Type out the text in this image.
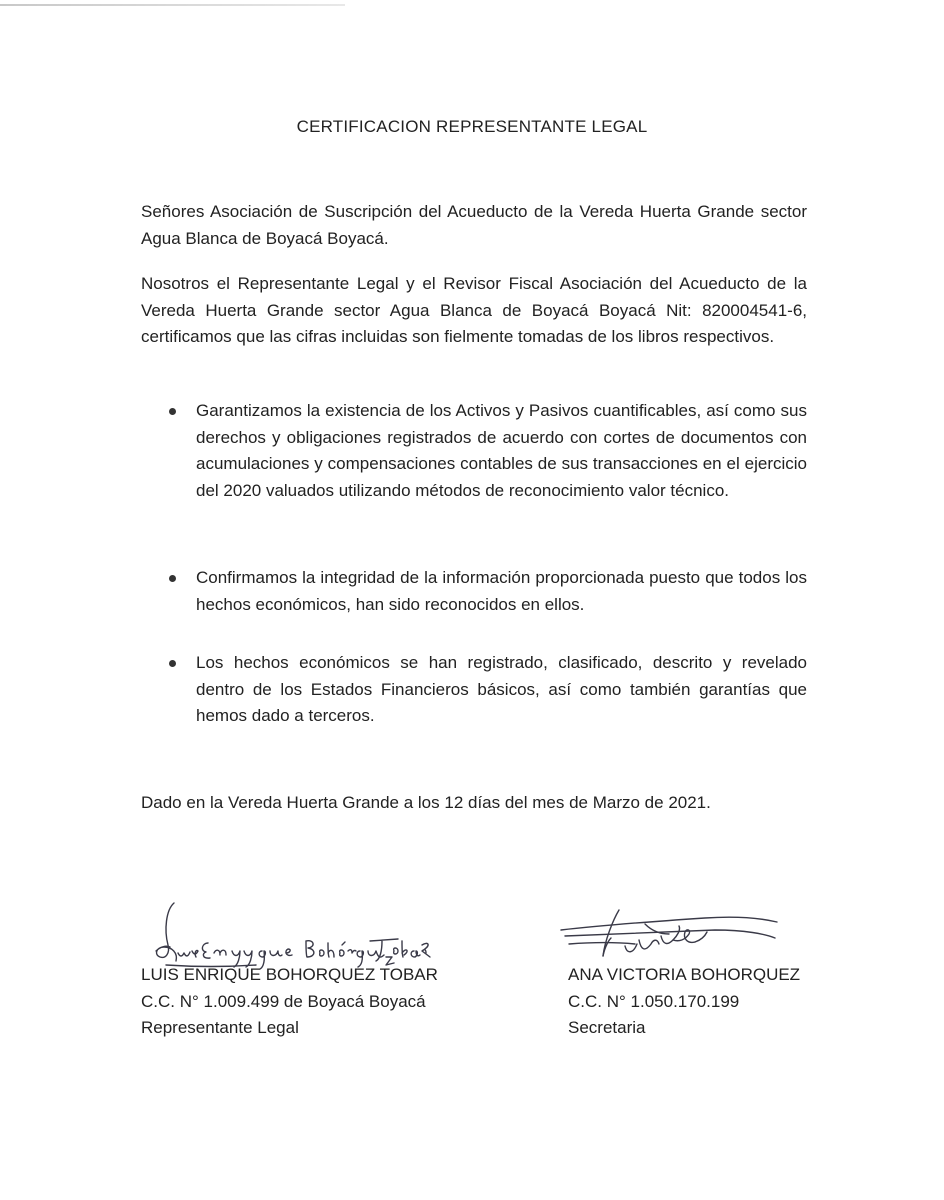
CERTIFICACION REPRESENTANTE LEGAL

Señores Asociación de Suscripción del Acueducto de la Vereda Huerta Grande sector Agua Blanca de Boyacá Boyacá.

Nosotros el Representante Legal y el Revisor Fiscal Asociación del Acueducto de la Vereda Huerta Grande sector Agua Blanca de Boyacá Boyacá Nit: 820004541-6, certificamos que las cifras incluidas son fielmente tomadas de los libros respectivos.

Garantizamos la existencia de los Activos y Pasivos cuantificables, así como sus derechos y obligaciones registrados de acuerdo con cortes de documentos con acumulaciones y compensaciones contables de sus transacciones en el ejercicio del 2020 valuados utilizando métodos de reconocimiento valor técnico.
Confirmamos la integridad de la información proporcionada puesto que todos los hechos económicos, han sido reconocidos en ellos.
Los hechos económicos se han registrado, clasificado, descrito y revelado dentro de los Estados Financieros básicos, así como también garantías que hemos dado a terceros.
Dado en la Vereda Huerta Grande a los 12 días del mes de Marzo de 2021.
LUIS ENRIQUE BOHORQUEZ TOBAR
C.C. N° 1.009.499 de Boyacá Boyacá
Representante Legal
ANA VICTORIA BOHORQUEZ
C.C. N° 1.050.170.199
Secretaria
